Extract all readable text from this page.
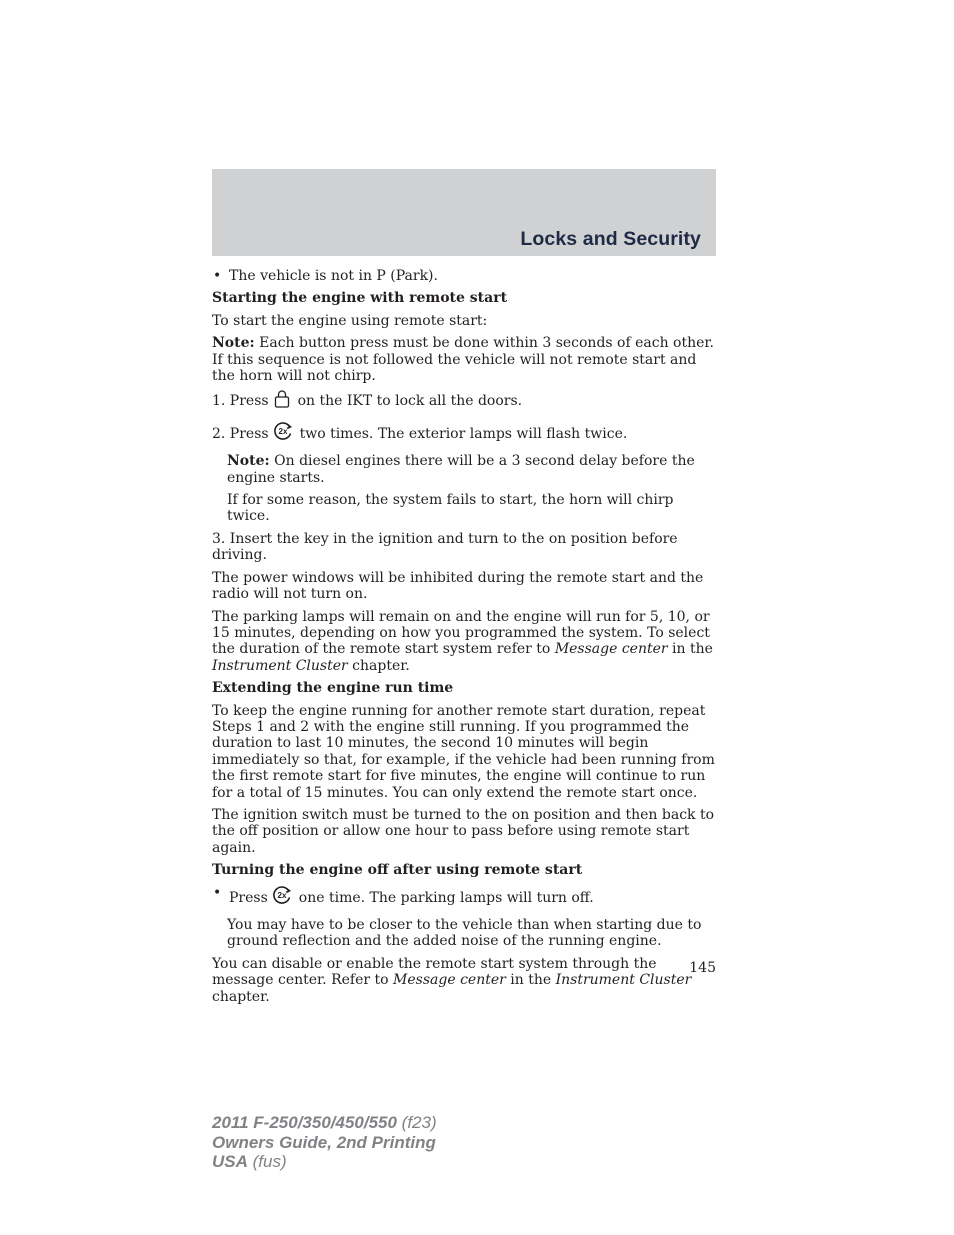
Locks and Security

• The vehicle is not in P (Park).

Starting the engine with remote start

To start the engine using remote start:

Note: Each button press must be done within 3 seconds of each other. If this sequence is not followed the vehicle will not remote start and the horn will not chirp.

1. Press on the IKT to lock all the doors.

2. Press 2x two times. The exterior lamps will flash twice.

Note: On diesel engines there will be a 3 second delay before the engine starts.

If for some reason, the system fails to start, the horn will chirp twice.

3. Insert the key in the ignition and turn to the on position before driving.

The power windows will be inhibited during the remote start and the radio will not turn on.

The parking lamps will remain on and the engine will run for 5, 10, or 15 minutes, depending on how you programmed the system. To select the duration of the remote start system refer to Message center in the Instrument Cluster chapter.

Extending the engine run time

To keep the engine running for another remote start duration, repeat Steps 1 and 2 with the engine still running. If you programmed the duration to last 10 minutes, the second 10 minutes will begin immediately so that, for example, if the vehicle had been running from the first remote start for five minutes, the engine will continue to run for a total of 15 minutes. You can only extend the remote start once.

The ignition switch must be turned to the on position and then back to the off position or allow one hour to pass before using remote start again.

Turning the engine off after using remote start

• Press 2x one time. The parking lamps will turn off.

You may have to be closer to the vehicle than when starting due to ground reflection and the added noise of the running engine.

You can disable or enable the remote start system through the message center. Refer to Message center in the Instrument Cluster chapter.

145
2011 F-250/350/450/550 (f23)
Owners Guide, 2nd Printing
USA (fus)
